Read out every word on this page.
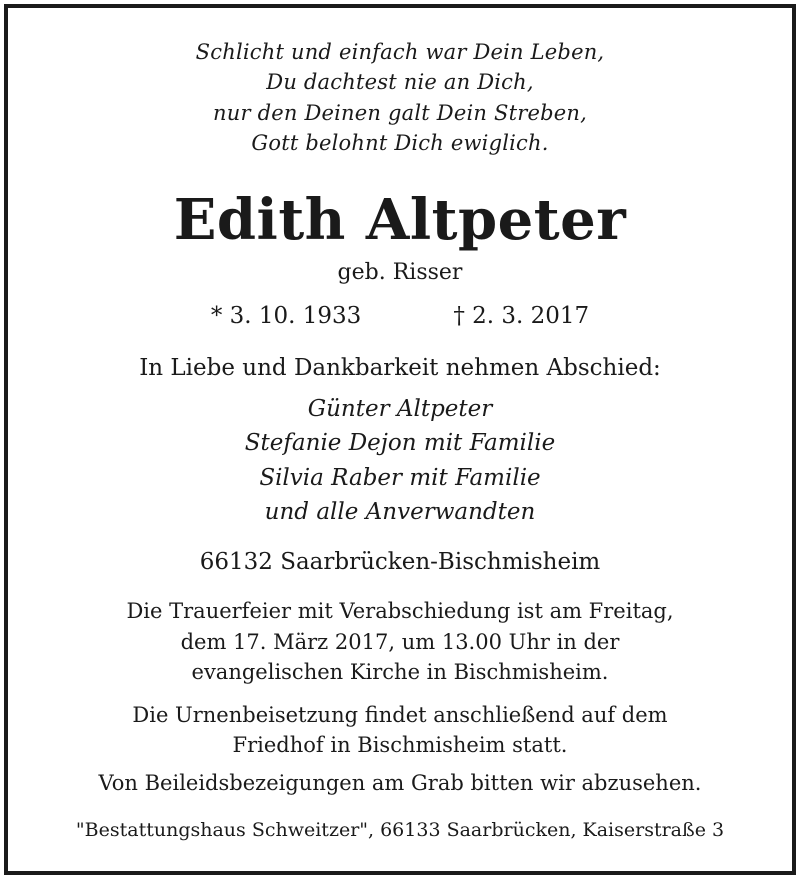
Schlicht und einfach war Dein Leben,
Du dachtest nie an Dich,
nur den Deinen galt Dein Streben,
Gott belohnt Dich ewiglich.
Edith Altpeter
geb. Risser
* 3. 10. 1933	† 2. 3. 2017
In Liebe und Dankbarkeit nehmen Abschied:
Günter Altpeter
Stefanie Dejon mit Familie
Silvia Raber mit Familie
und alle Anverwandten
66132 Saarbrücken-Bischmisheim
Die Trauerfeier mit Verabschiedung ist am Freitag,
dem 17. März 2017, um 13.00 Uhr in der
evangelischen Kirche in Bischmisheim.
Die Urnenbeisetzung findet anschließend auf dem
Friedhof in Bischmisheim statt.
Von Beileidsbezeigungen am Grab bitten wir abzusehen.
"Bestattungshaus Schweitzer", 66133 Saarbrücken, Kaiserstraße 3
